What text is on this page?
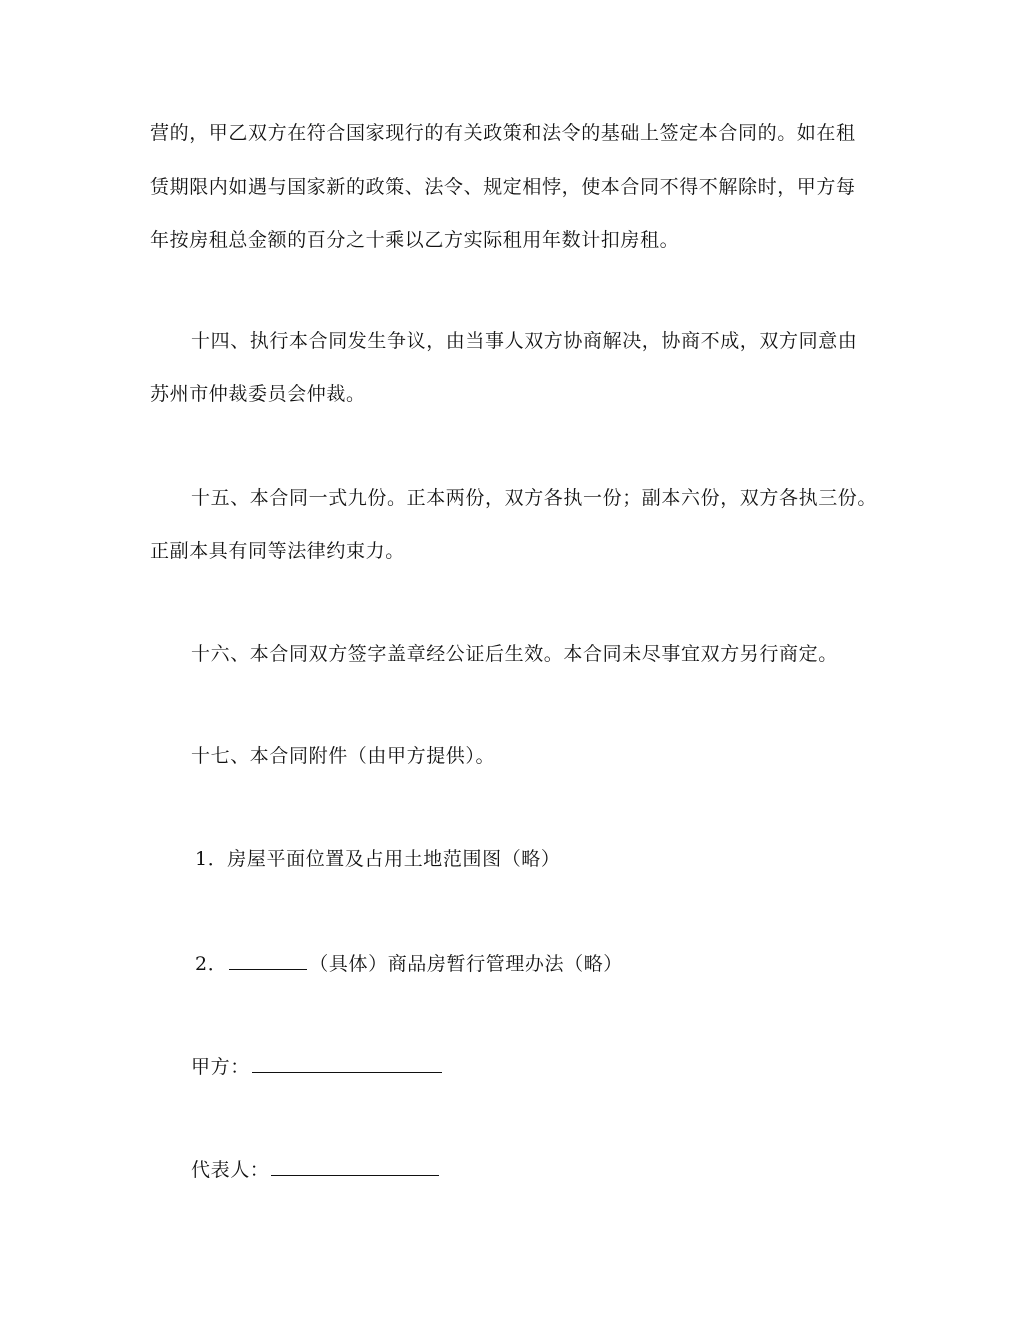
营的，甲乙双方在符合国家现行的有关政策和法令的基础上签定本合同的。如在租
赁期限内如遇与国家新的政策、法令、规定相悖，使本合同不得不解除时，甲方每
年按房租总金额的百分之十乘以乙方实际租用年数计扣房租。
十四、执行本合同发生争议，由当事人双方协商解决，协商不成，双方同意由
苏州市仲裁委员会仲裁。
十五、本合同一式九份。正本两份，双方各执一份；副本六份，双方各执三份。
正副本具有同等法律约束力。
十六、本合同双方签字盖章经公证后生效。本合同未尽事宜双方另行商定。
十七、本合同附件（由甲方提供）。
1．房屋平面位置及占用土地范围图（略）
2．	（具体）商品房暂行管理办法（略）
甲方：
代表人：
